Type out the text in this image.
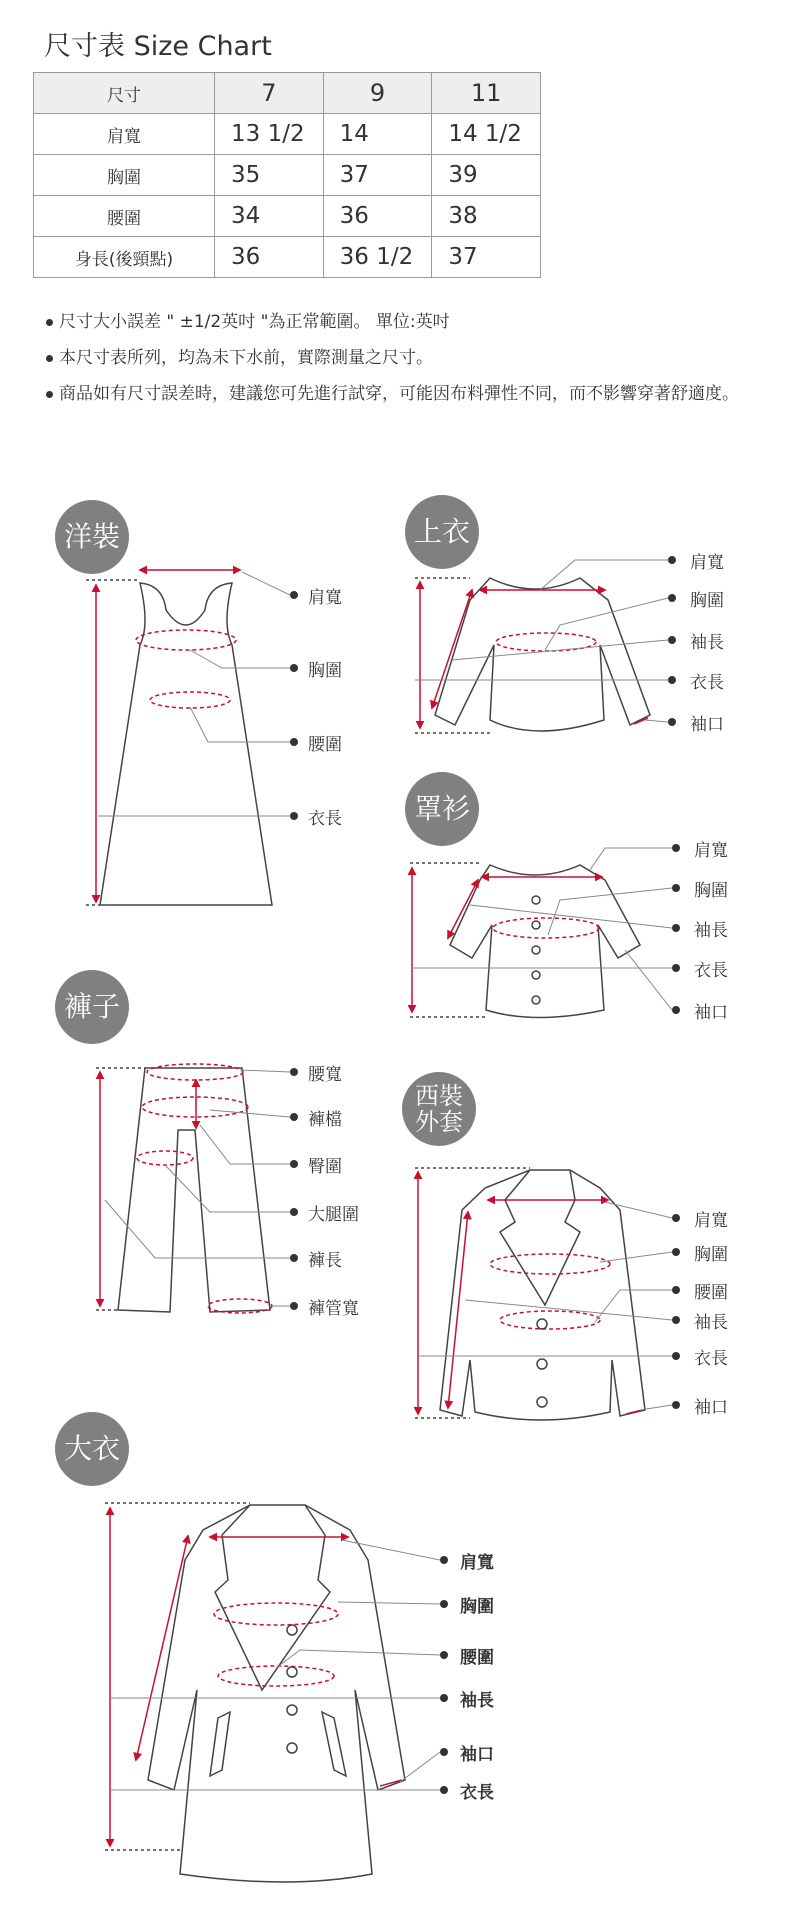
尺寸表 Size Chart
尺寸	7	9	11
肩寬	13 1/2	14	14 1/2
胸圍	35	37	39
腰圍	34	36	38
身長(後頸點)	36	36 1/2	37
尺寸大小誤差 " ±1/2英吋 "為正常範圍。 單位:英吋
本尺寸表所列，均為未下水前，實際測量之尺寸。
商品如有尺寸誤差時，建議您可先進行試穿，可能因布料彈性不同，而不影響穿著舒適度。
洋裝	上衣
罩衫
褲子
西裝
外套
大衣
肩寬
胸圍
腰圍
衣長
肩寬
胸圍
袖長
衣長
袖口
肩寬
胸圍
袖長
衣長
袖口
腰寬
褲檔
臀圍
大腿圍
褲長
褲管寬
肩寬
胸圍
腰圍
袖長
衣長
袖口
肩寬
胸圍
腰圍
袖長
袖口
衣長
